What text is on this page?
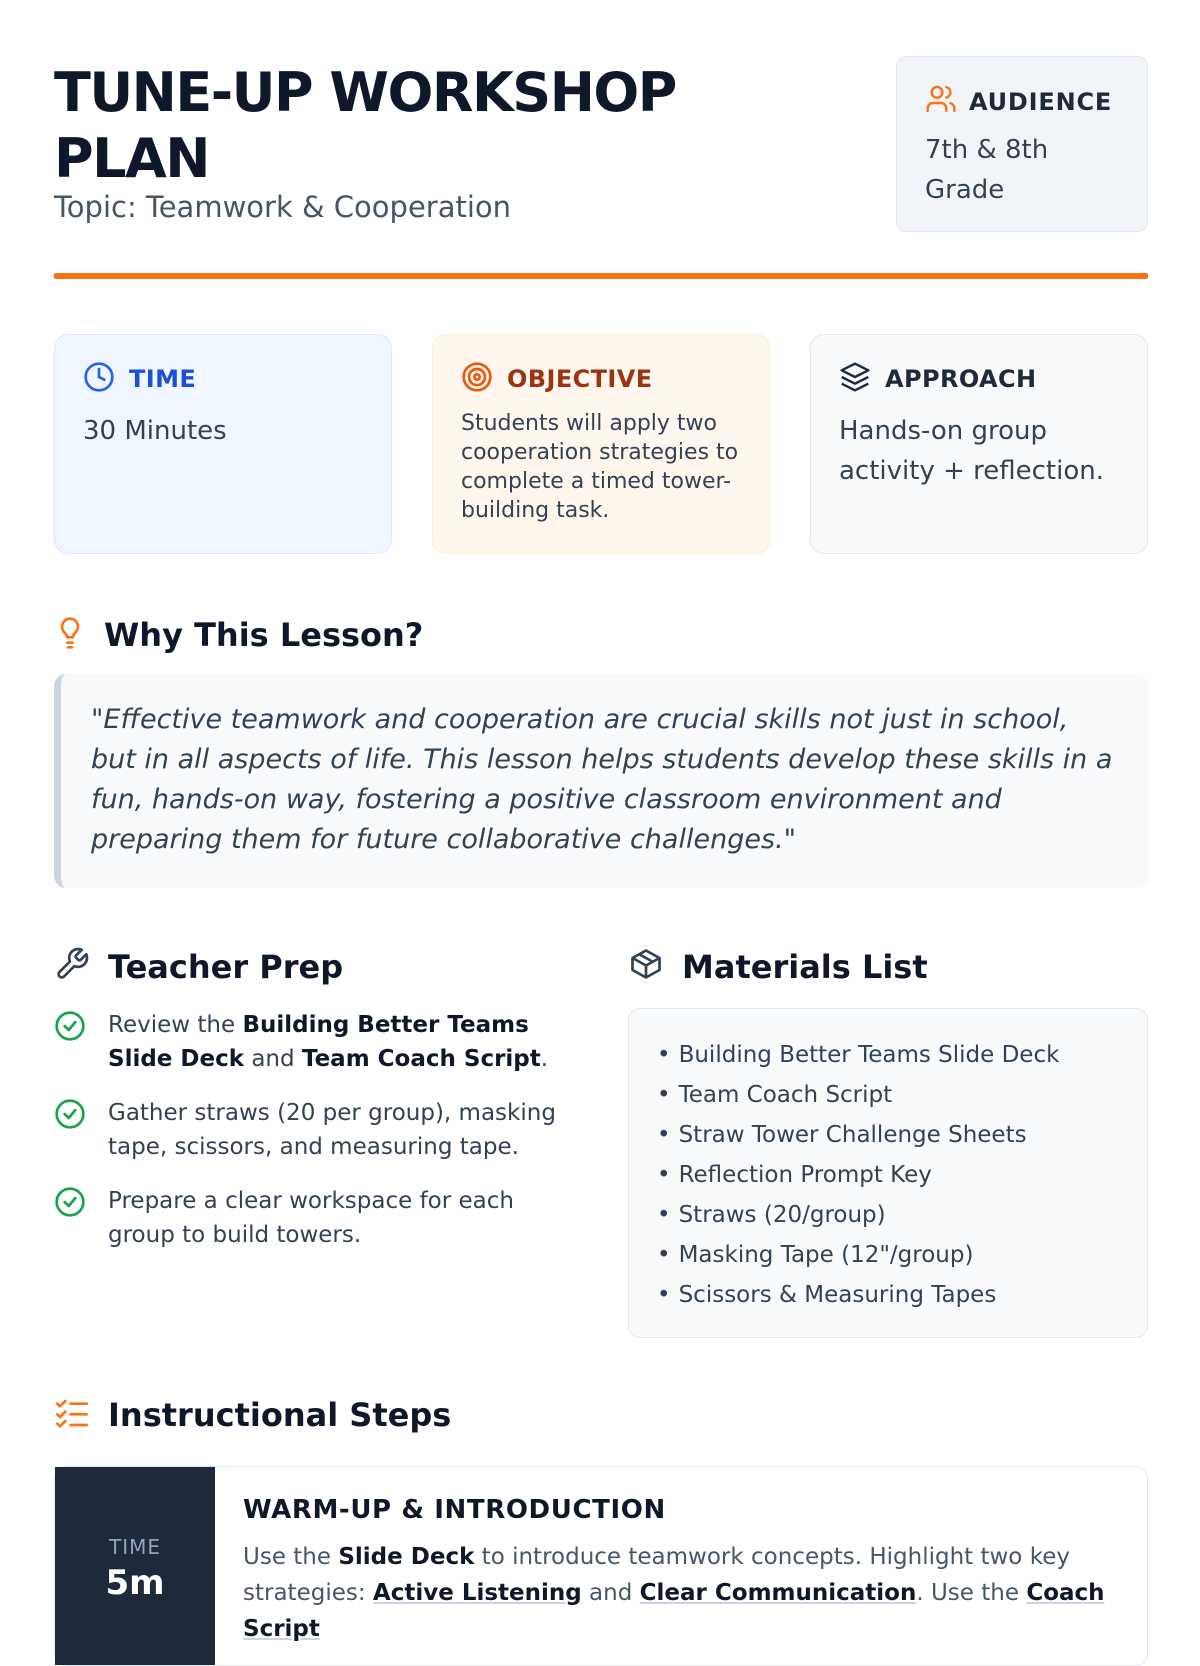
TUNE-UP WORKSHOP PLAN
Topic: Teamwork & Cooperation
AUDIENCE
7th & 8th Grade
TIME
30 Minutes
OBJECTIVE
Students will apply two cooperation strategies to complete a timed tower-building task.
APPROACH
Hands-on group activity + reflection.
Why This Lesson?

"Effective teamwork and cooperation are crucial skills not just in school, but in all aspects of life. This lesson helps students develop these skills in a fun, hands-on way, fostering a positive classroom environment and preparing them for future collaborative challenges."

Teacher Prep
Review the Building Better Teams Slide Deck and Team Coach Script.
Gather straws (20 per group), masking tape, scissors, and measuring tape.
Prepare a clear workspace for each group to build towers.
Materials List
• Building Better Teams Slide Deck
• Team Coach Script
• Straw Tower Challenge Sheets
• Reflection Prompt Key
• Straws (20/group)
• Masking Tape (12"/group)
• Scissors & Measuring Tapes
Instructional Steps
TIME
5m
WARM-UP & INTRODUCTION
Use the Slide Deck to introduce teamwork concepts. Highlight two key strategies: Active Listening and Clear Communication. Use the Coach Script
